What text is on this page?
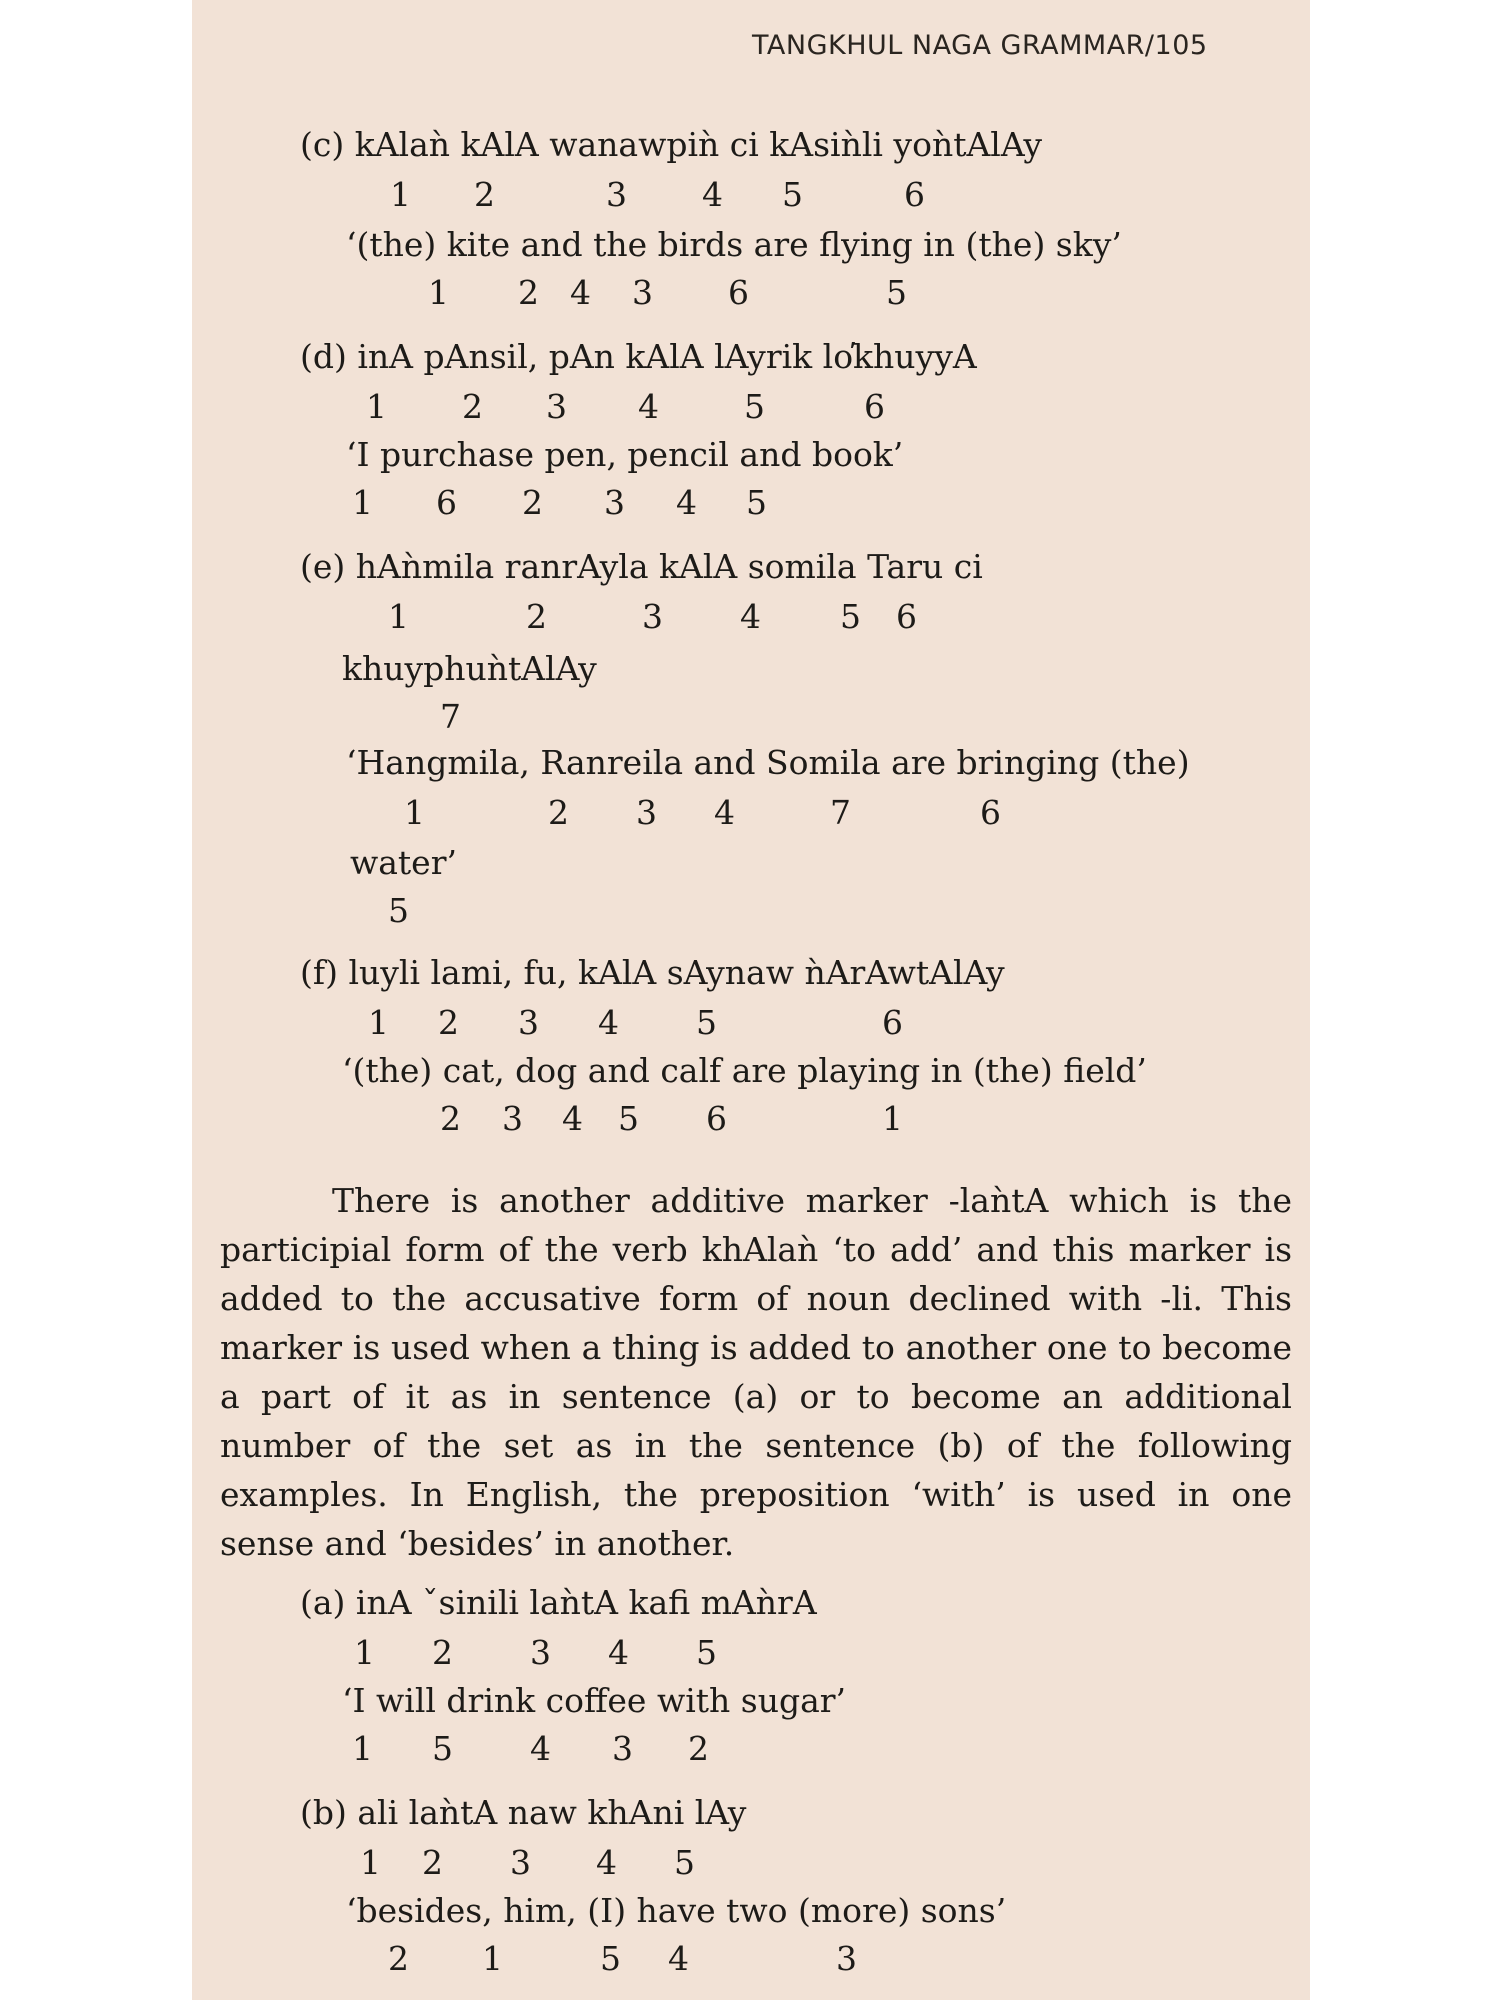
TANGKHUL NAGA GRAMMAR/105
(c) kAlaǹ kAlA wanawpiǹ ci kAsiǹli yoǹtAlAy
1 2	3 4 5	6
‘(the) kite and the birds are flying in (the) sky’
1 2 4 3 6	5
(d) inA pAnsil, pAn kAlA lAyrik lo̕khuyyA
1 2 3 4	5	6
‘I purchase pen, pencil and book’
1 6 2 3 4 5
(e) hAǹmila ranrAyla kAlA somila Taru ci
1	2	3 4 5 6
khuyphuǹtAlAy
7
‘Hangmila, Ranreila and Somila are bringing (the)
1	2 3 4	7	6
water’
5
(f) luyli lami, fu, kAlA sAynaw ǹArAwtAlAy
1 2 3 4 5	6
‘(the) cat, dog and calf are playing in (the) field’
2 3 4 5 6	1
There is another additive marker -laǹtA which is the participial form of the verb khAlaǹ ‘to add’ and this marker is added to the accusative form of noun declined with -li. This marker is used when a thing is added to another one to become a part of it as in sentence (a) or to become an additional number of the set as in the sentence (b) of the following examples. In English, the preposition ‘with’ is used in one sense and ‘besides’ in another.
(a) inA ˇsinili laǹtA kafi mAǹrA
1 2 3 4 5
‘I will drink coffee with sugar’
1 5 4 3 2
(b) ali laǹtA naw khAni lAy
1 2 3 4 5
‘besides, him, (I) have two (more) sons’
2 1	5 4	3
